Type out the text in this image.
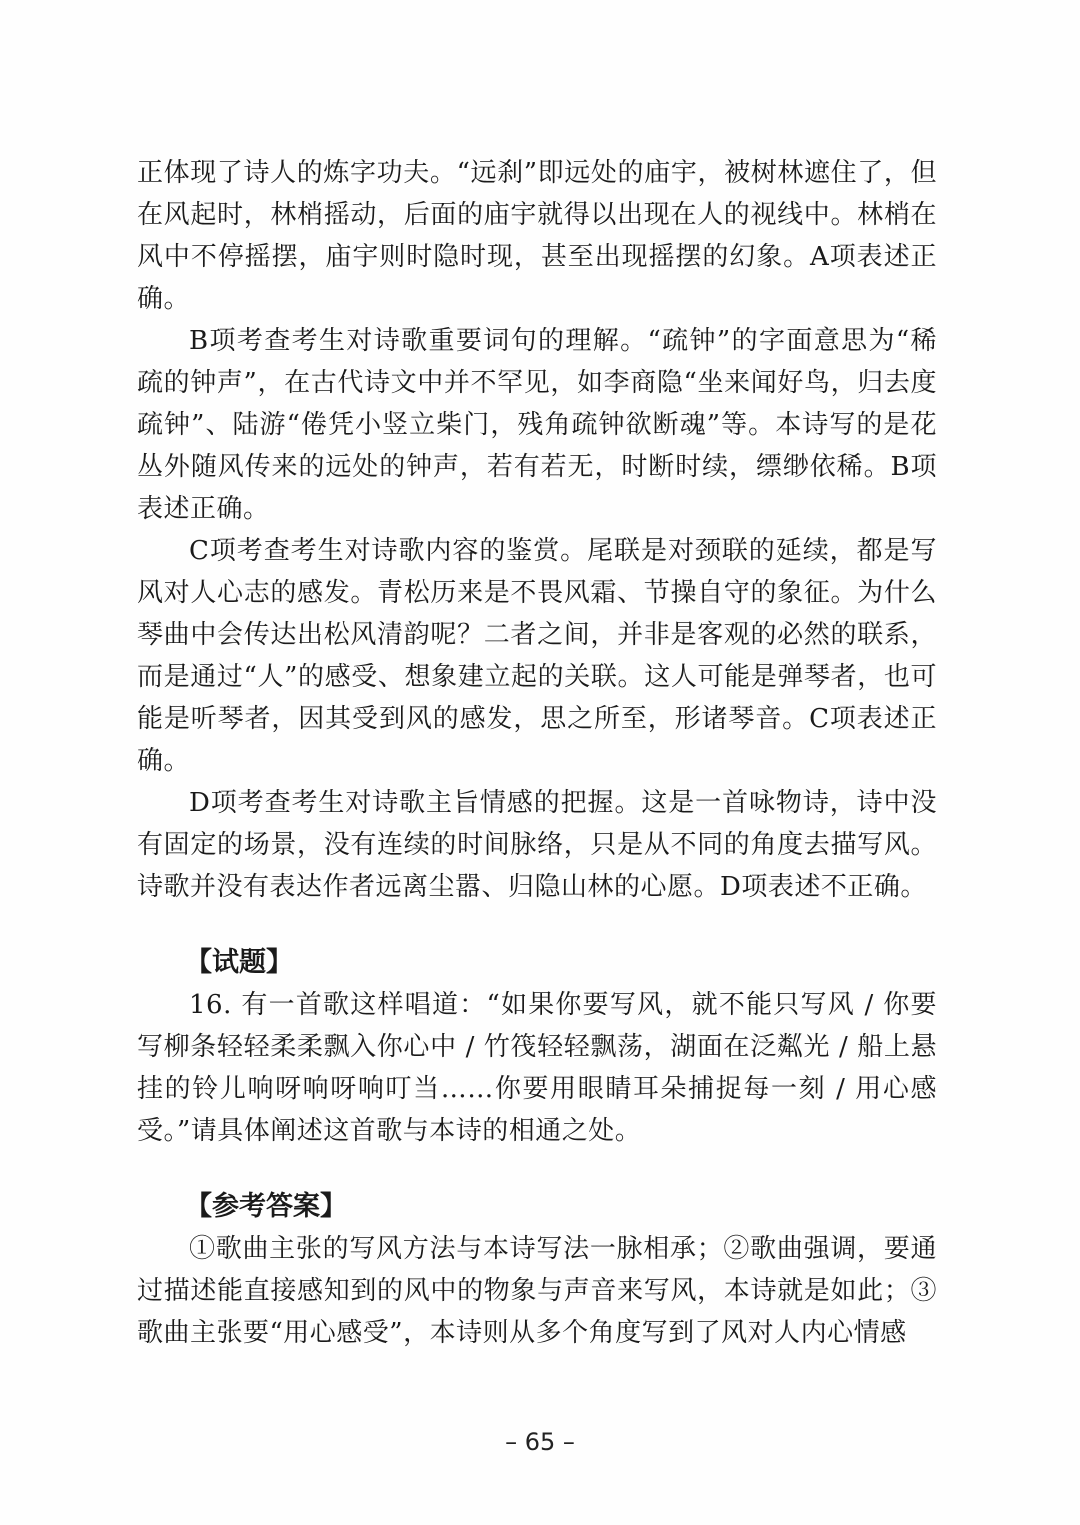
正体现了诗人的炼字功夫。“远刹”即远处的庙宇，被树林遮住了，但在风起时，林梢摇动，后面的庙宇就得以出现在人的视线中。林梢在风中不停摇摆，庙宇则时隐时现，甚至出现摇摆的幻象。A项表述正确。

B项考查考生对诗歌重要词句的理解。“疏钟”的字面意思为“稀疏的钟声”，在古代诗文中并不罕见，如李商隐“坐来闻好鸟，归去度疏钟”、陆游“倦凭小竖立柴门，残角疏钟欲断魂”等。本诗写的是花丛外随风传来的远处的钟声，若有若无，时断时续，缥缈依稀。B项表述正确。

C项考查考生对诗歌内容的鉴赏。尾联是对颈联的延续，都是写风对人心志的感发。青松历来是不畏风霜、节操自守的象征。为什么琴曲中会传达出松风清韵呢？二者之间，并非是客观的必然的联系，而是通过“人”的感受、想象建立起的关联。这人可能是弹琴者，也可能是听琴者，因其受到风的感发，思之所至，形诸琴音。C项表述正确。

D项考查考生对诗歌主旨情感的把握。这是一首咏物诗，诗中没有固定的场景，没有连续的时间脉络，只是从不同的角度去描写风。诗歌并没有表达作者远离尘嚣、归隐山林的心愿。D项表述不正确。

【试题】

16. 有一首歌这样唱道：“如果你要写风，就不能只写风 / 你要写柳条轻轻柔柔飘入你心中 / 竹筏轻轻飘荡，湖面在泛粼光 / 船上悬挂的铃儿响呀响呀响叮当……你要用眼睛耳朵捕捉每一刻 / 用心感受。”请具体阐述这首歌与本诗的相通之处。

【参考答案】

①歌曲主张的写风方法与本诗写法一脉相承；②歌曲强调，要通过描述能直接感知到的风中的物象与声音来写风，本诗就是如此；③歌曲主张要“用心感受”，本诗则从多个角度写到了风对人内心情感

– 65 –
